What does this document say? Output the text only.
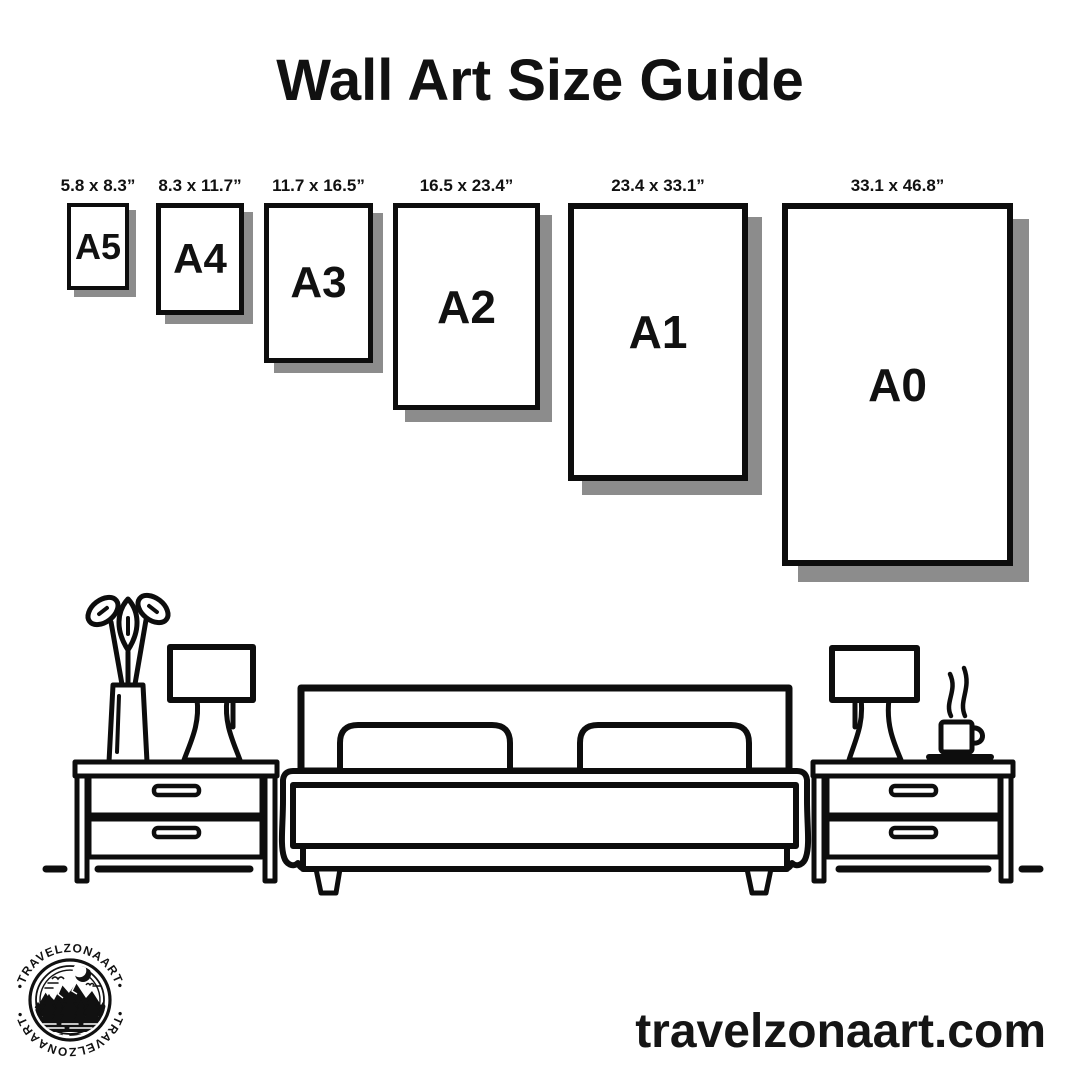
Wall Art Size Guide
5.8 x 8.3”
A5
8.3 x 11.7”
A4
11.7 x 16.5”
A3
16.5 x 23.4”
A2
23.4 x 33.1”
A1
33.1 x 46.8”
A0
•TRAVELZONAART•
•TRAVELZONAART•	travelzonaart.com
